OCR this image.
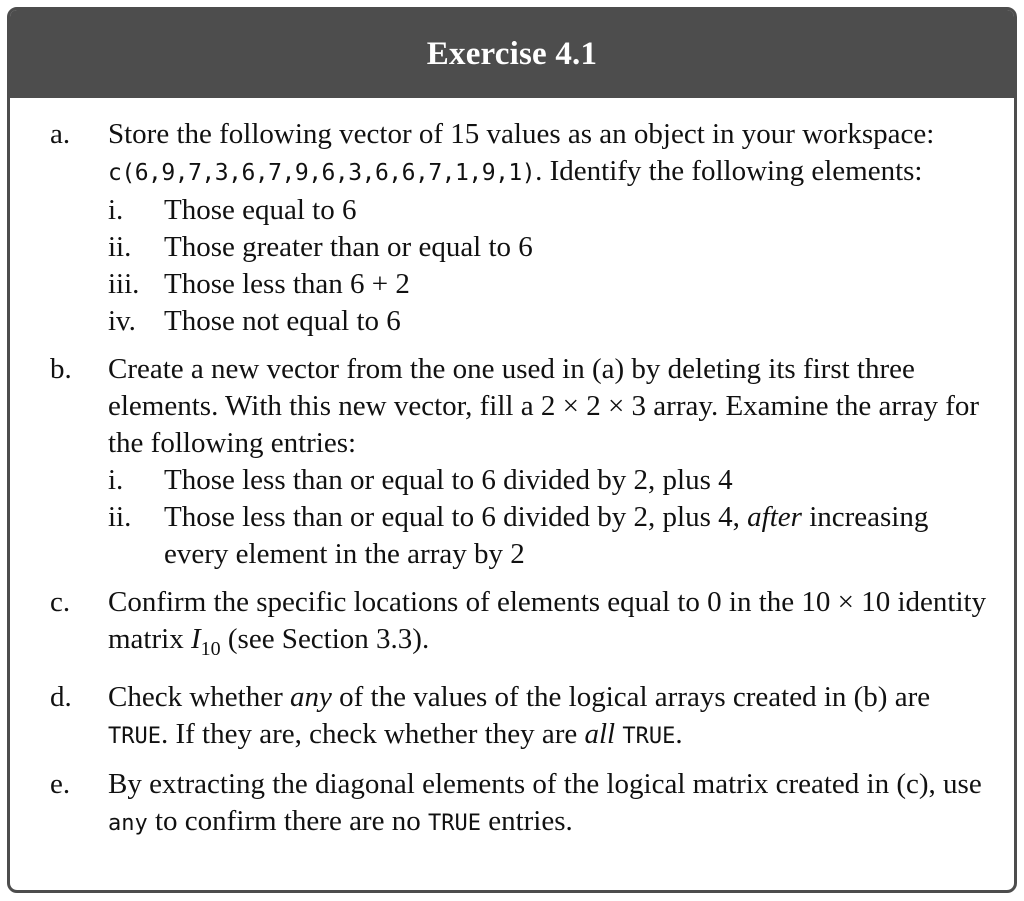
Exercise 4.1
a.	Store the following vector of 15 values as an object in your workspace: c(6,9,7,3,6,7,9,6,3,6,6,7,1,9,1). Identify the following elements:
i.	Those equal to 6
ii.	Those greater than or equal to 6
iii. Those less than 6 + 2
iv. Those not equal to 6
b.	Create a new vector from the one used in (a) by deleting its first three elements. With this new vector, fill a 2 × 2 × 3 array. Examine the array for the following entries:
i.	Those less than or equal to 6 divided by 2, plus 4
ii.	Those less than or equal to 6 divided by 2, plus 4, after increasing every element in the array by 2
c.	Confirm the specific locations of elements equal to 0 in the 10 × 10 identity matrix $I_{10}$ (see Section 3.3).
d.	Check whether any of the values of the logical arrays created in (b) are TRUE. If they are, check whether they are all TRUE.
e.	By extracting the diagonal elements of the logical matrix created in (c), use any to confirm there are no TRUE entries.
